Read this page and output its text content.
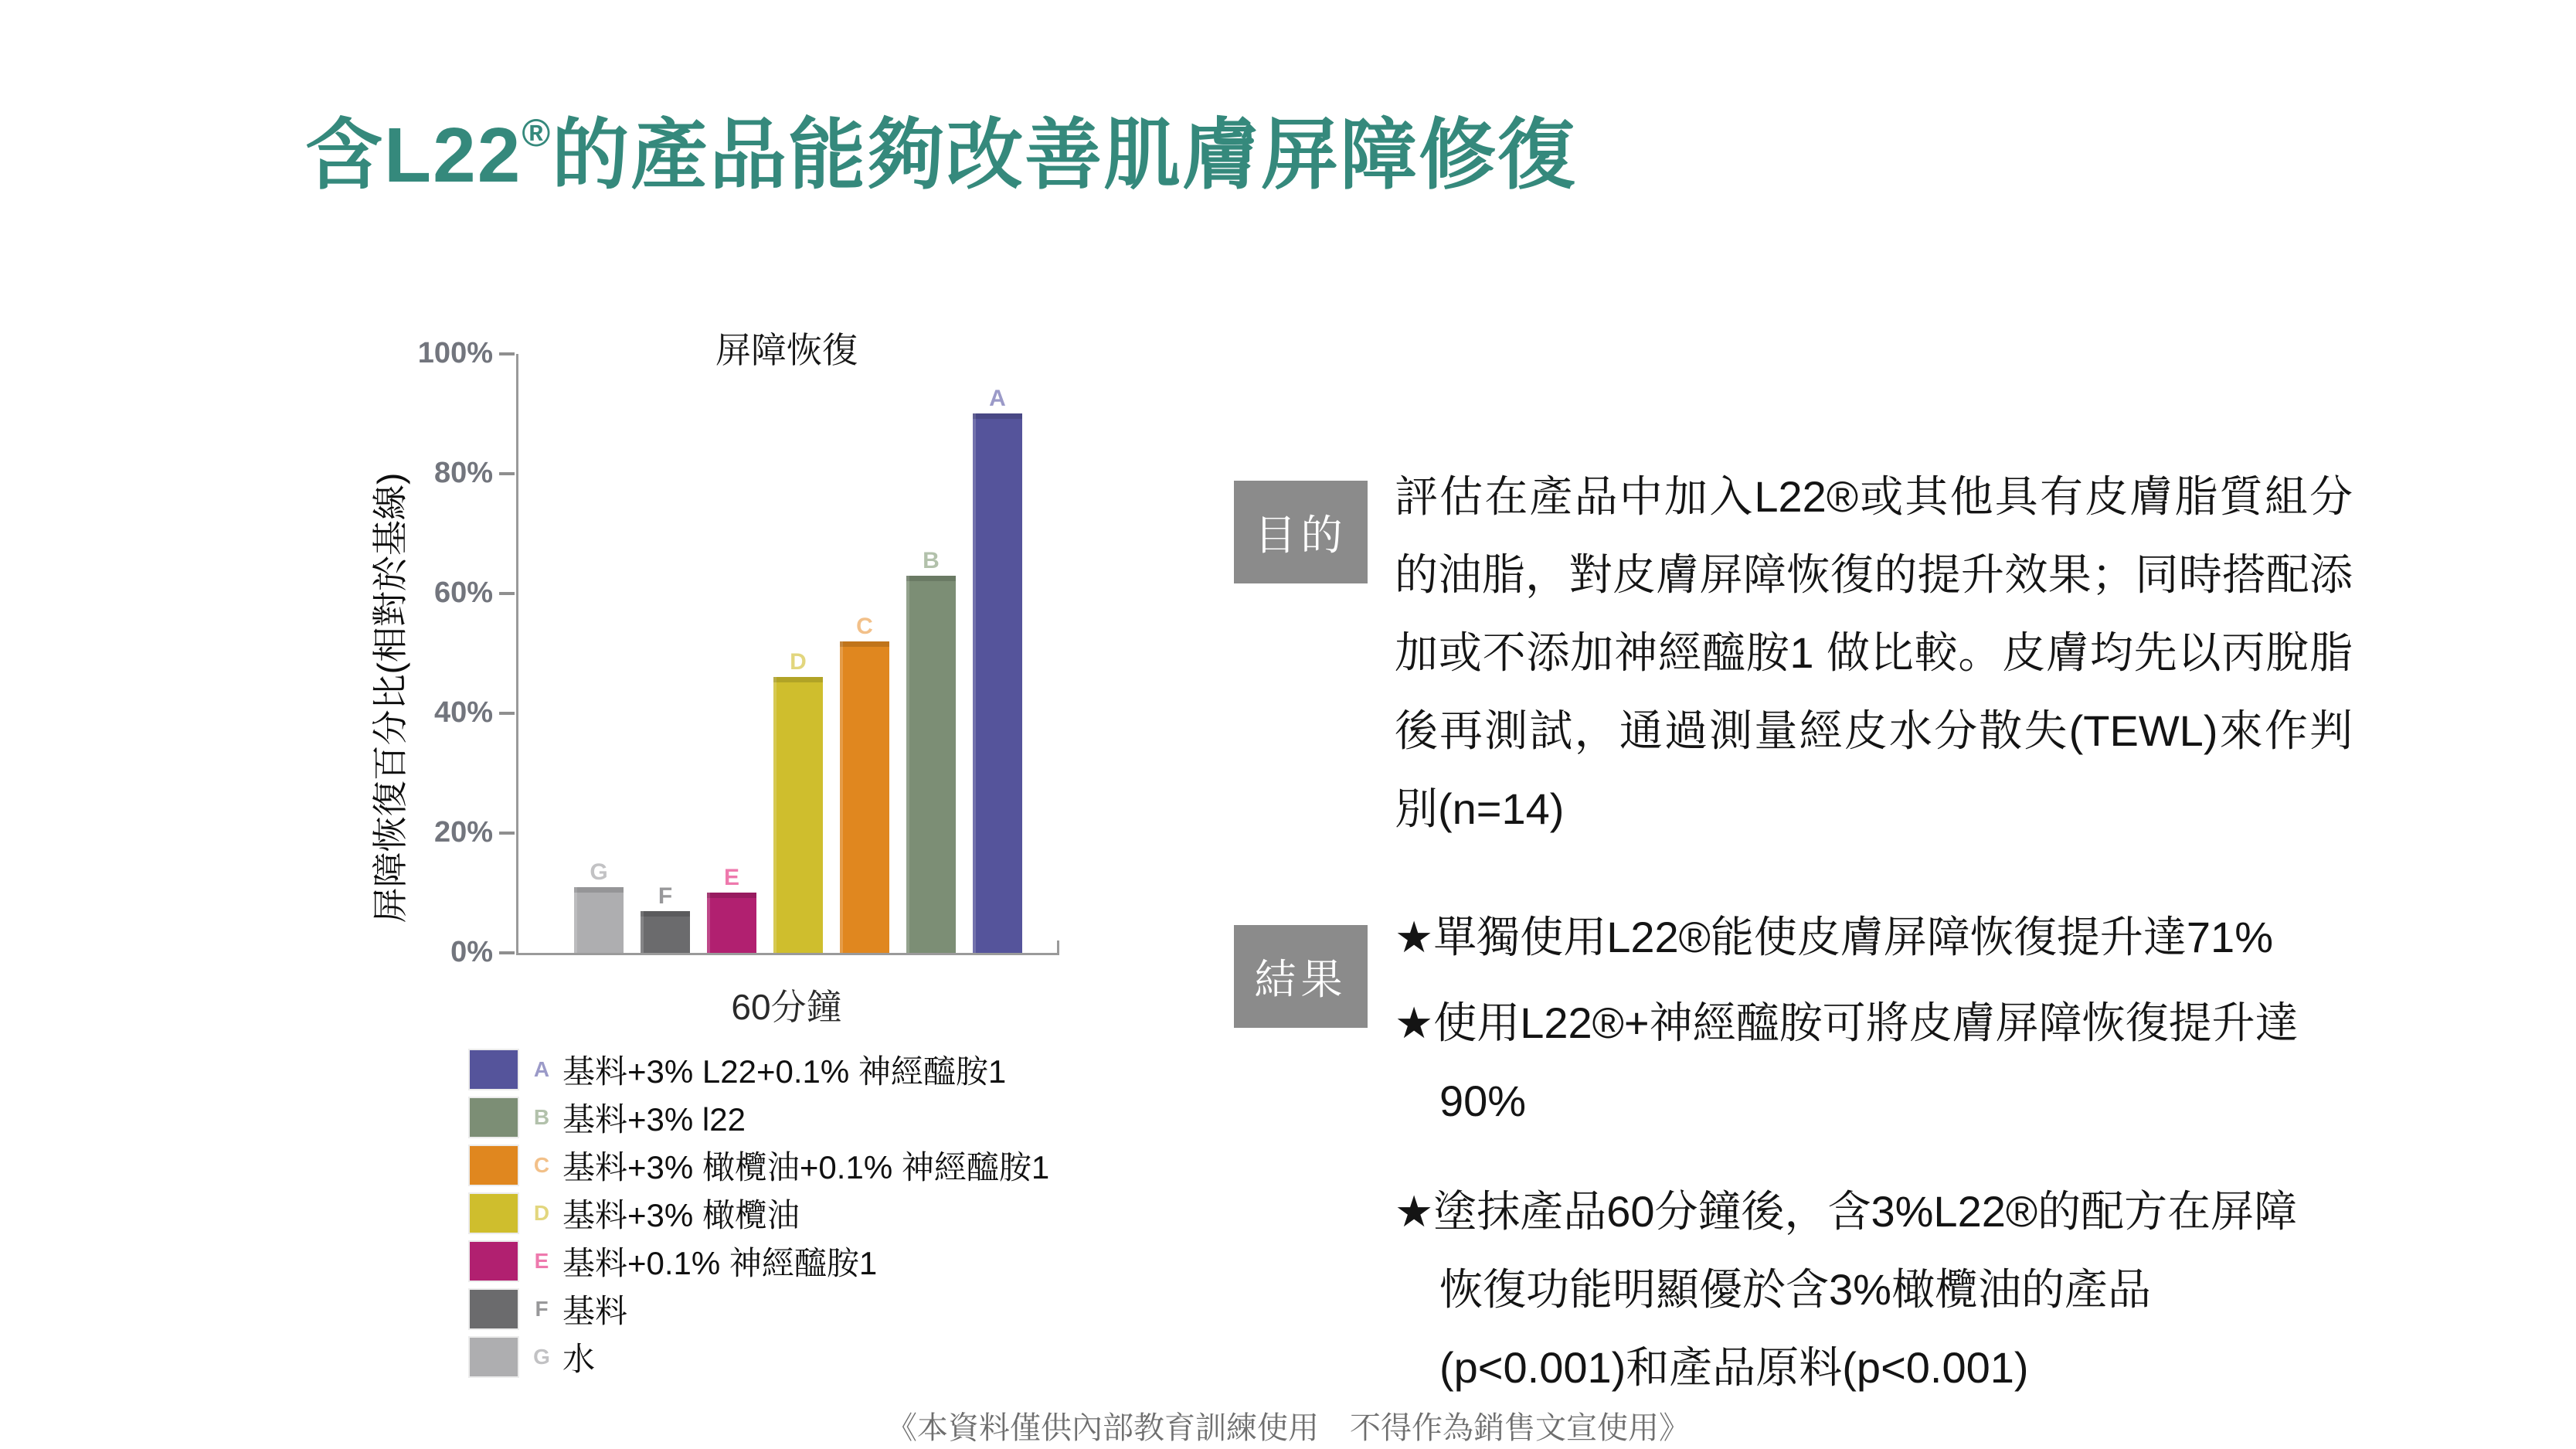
含L22®的產品能夠改善肌膚屏障修復
屏障恢復
屏障恢復百分比(相對於基線)	G
F
E
D
C
B
A
60分鐘
A 基料+3% L22+0.1% 神經醯胺1
B 基料+3% l22
C 基料+3% 橄欖油+0.1% 神經醯胺1
D 基料+3% 橄欖油
E 基料+0.1% 神經醯胺1
F 基料
G 水
100%
80%
60%
40%
20%
0%
目的
評估在產品中加入L22®或其他具有皮膚脂質組分的油脂，對皮膚屏障恢復的提升效果；同時搭配添加或不添加神經醯胺1 做比較。皮膚均先以丙脫脂後再測試，通過測量經皮水分散失(TEWL)來作判別(n=14)
結果
★單獨使用L22®能使皮膚屏障恢復提升達71%
★使用L22®+神經醯胺可將皮膚屏障恢復提升達90%
★塗抹產品60分鐘後，含3%L22®的配方在屏障恢復功能明顯優於含3%橄欖油的產品(p<0.001)和產品原料(p<0.001)
《本資料僅供內部教育訓練使用　不得作為銷售文宣使用》
